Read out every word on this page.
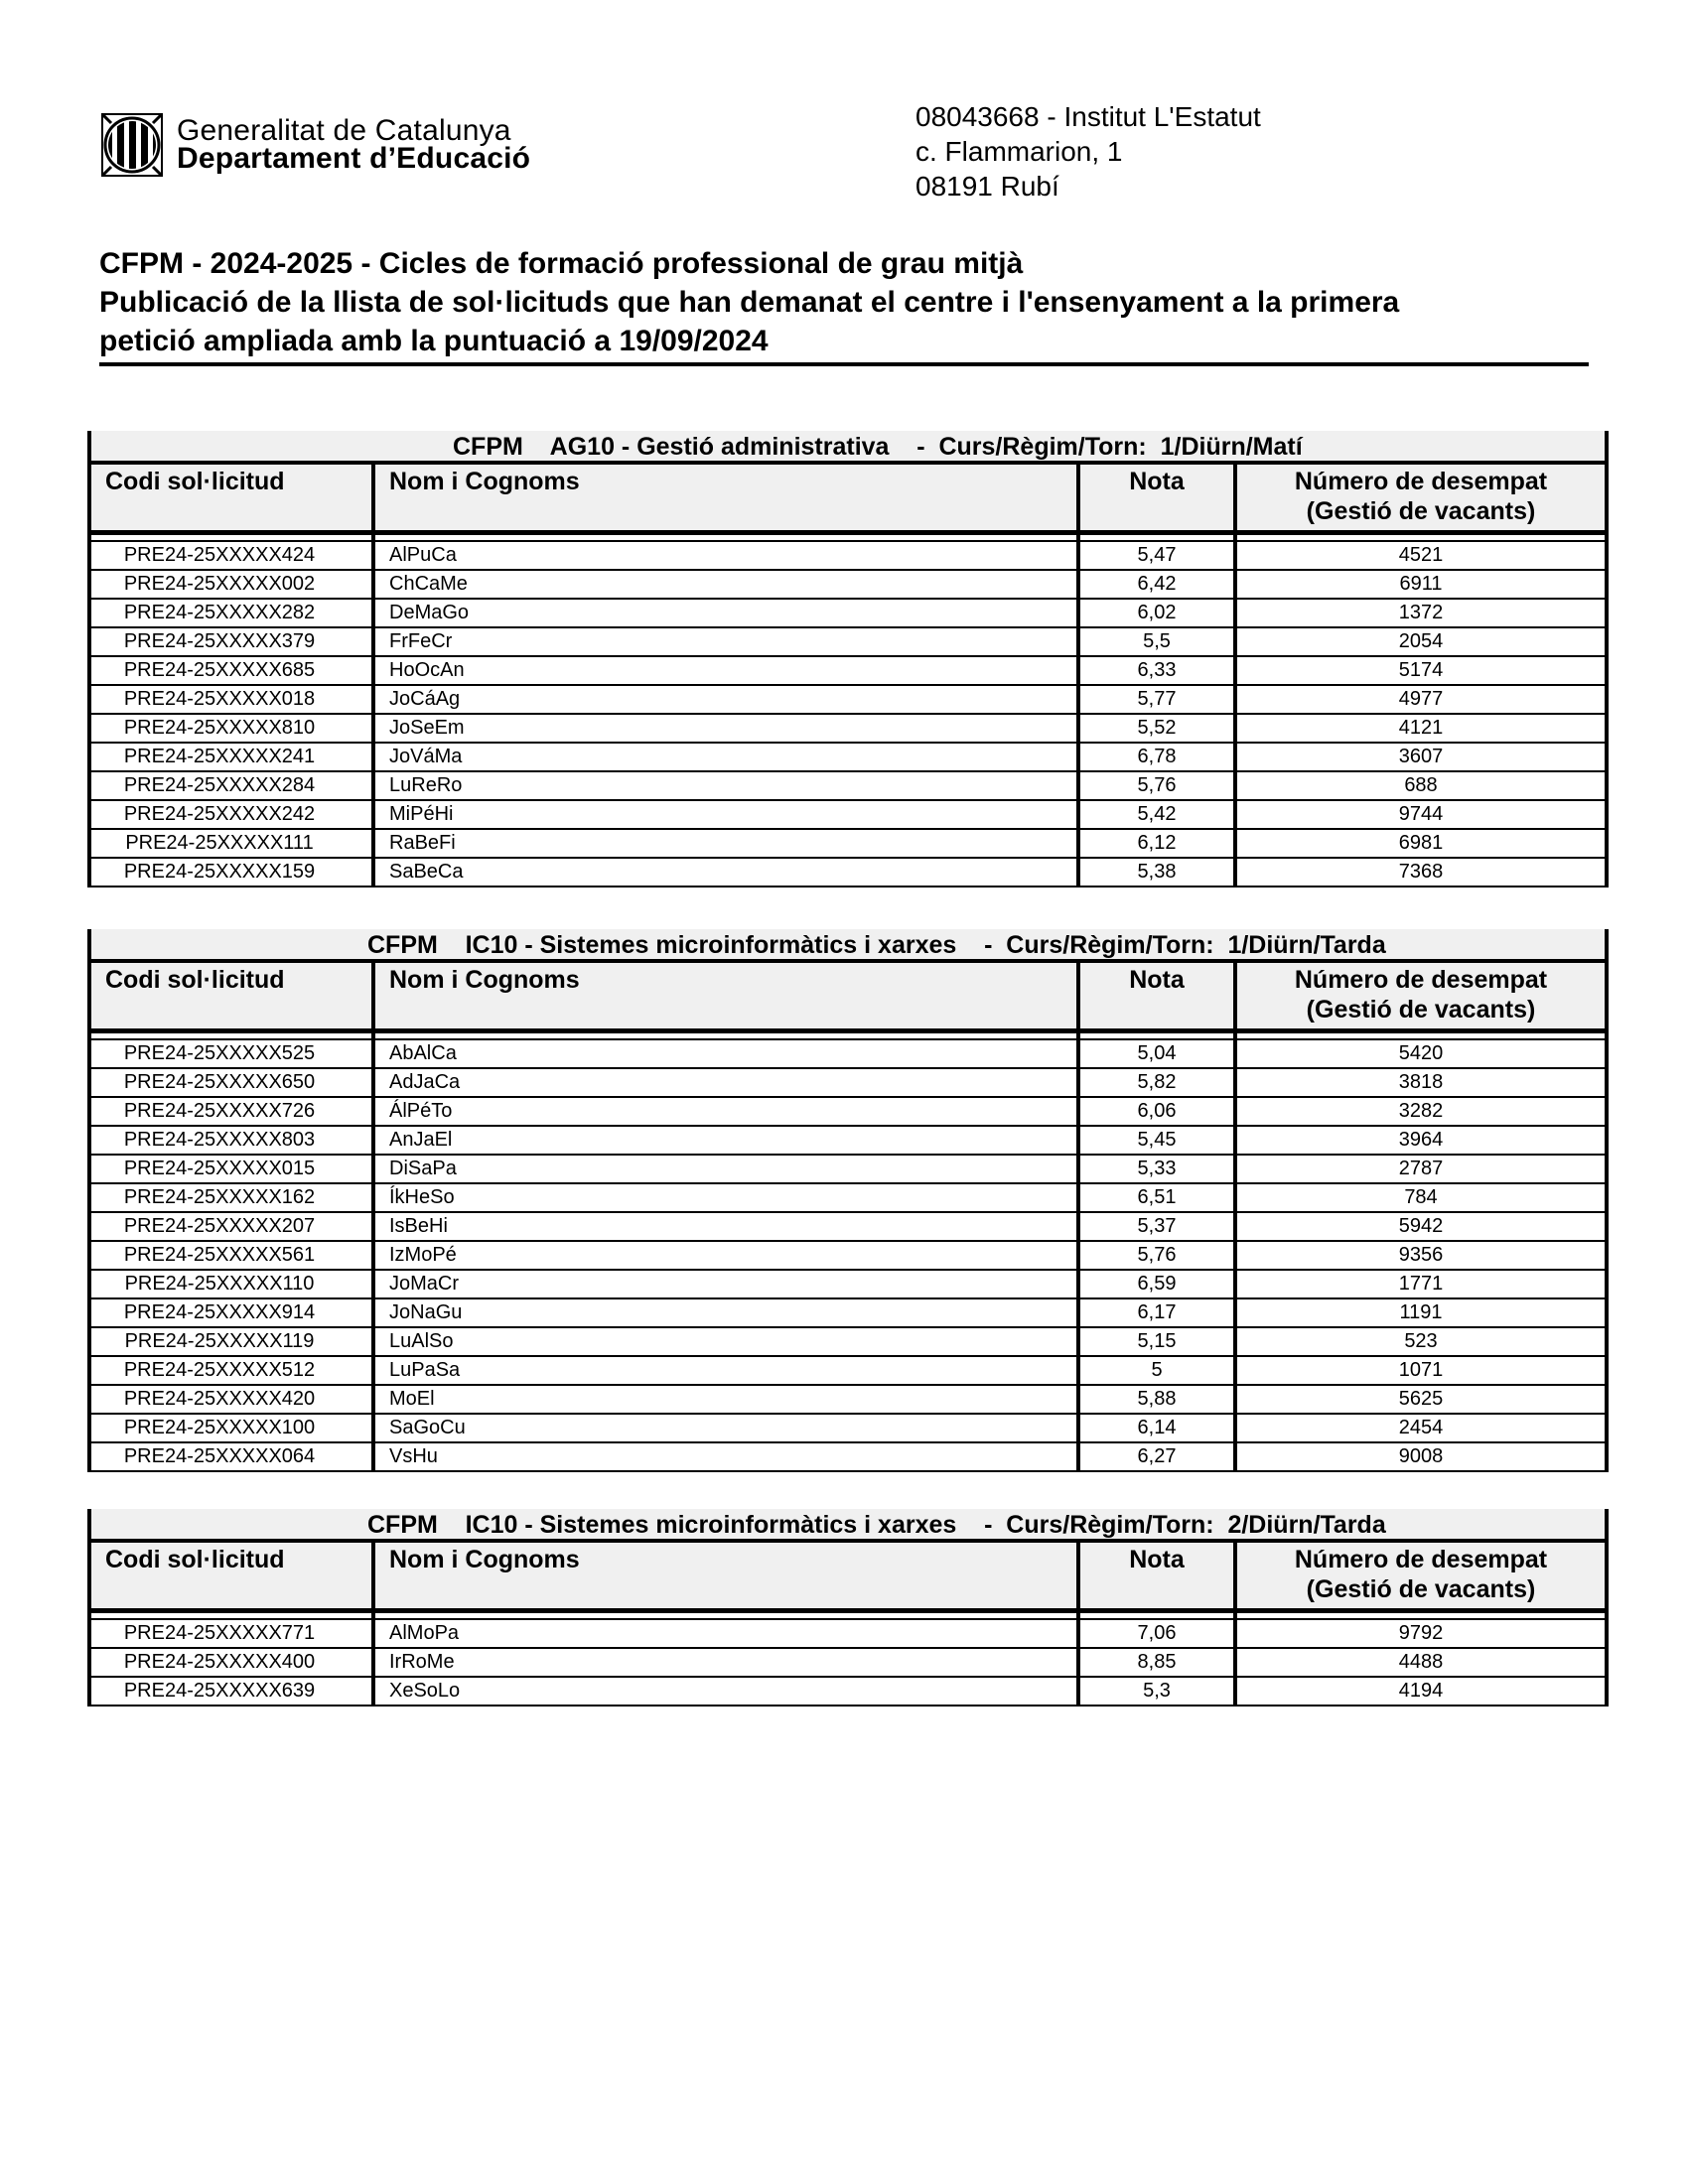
Generalitat de Catalunya
Departament d’Educació
08043668 - Institut L'Estatut
c. Flammarion, 1
08191 Rubí
CFPM - 2024-2025 - Cicles de formació professional de grau mitjà
Publicació de la llista de sol·licituds que han demanat el centre i l'ensenyament a la primera
petició ampliada amb la puntuació a 19/09/2024
CFPM    AG10 - Gestió administrativa    -  Curs/Règim/Torn:  1/Diürn/Matí
Codi sol·licitud	Nom i Cognoms	Nota	Número de desempat
(Gestió de vacants)
PRE24-25XXXXX424	AlPuCa	5,47	4521
PRE24-25XXXXX002	ChCaMe	6,42	6911
PRE24-25XXXXX282	DeMaGo	6,02	1372
PRE24-25XXXXX379	FrFeCr	5,5	2054
PRE24-25XXXXX685	HoOcAn	6,33	5174
PRE24-25XXXXX018	JoCáAg	5,77	4977
PRE24-25XXXXX810	JoSeEm	5,52	4121
PRE24-25XXXXX241	JoVáMa	6,78	3607
PRE24-25XXXXX284	LuReRo	5,76	688
PRE24-25XXXXX242	MiPéHi	5,42	9744
PRE24-25XXXXX111	RaBeFi	6,12	6981
PRE24-25XXXXX159	SaBeCa	5,38	7368
CFPM    IC10 - Sistemes microinformàtics i xarxes    -  Curs/Règim/Torn:  1/Diürn/Tarda
Codi sol·licitud	Nom i Cognoms	Nota	Número de desempat
(Gestió de vacants)
PRE24-25XXXXX525	AbAlCa	5,04	5420
PRE24-25XXXXX650	AdJaCa	5,82	3818
PRE24-25XXXXX726	ÁlPéTo	6,06	3282
PRE24-25XXXXX803	AnJaEl	5,45	3964
PRE24-25XXXXX015	DiSaPa	5,33	2787
PRE24-25XXXXX162	ÍkHeSo	6,51	784
PRE24-25XXXXX207	IsBeHi	5,37	5942
PRE24-25XXXXX561	IzMoPé	5,76	9356
PRE24-25XXXXX110	JoMaCr	6,59	1771
PRE24-25XXXXX914	JoNaGu	6,17	1191
PRE24-25XXXXX119	LuAlSo	5,15	523
PRE24-25XXXXX512	LuPaSa	5	1071
PRE24-25XXXXX420	MoEl	5,88	5625
PRE24-25XXXXX100	SaGoCu	6,14	2454
PRE24-25XXXXX064	VsHu	6,27	9008
CFPM    IC10 - Sistemes microinformàtics i xarxes    -  Curs/Règim/Torn:  2/Diürn/Tarda
Codi sol·licitud	Nom i Cognoms	Nota	Número de desempat
(Gestió de vacants)
PRE24-25XXXXX771	AlMoPa	7,06	9792
PRE24-25XXXXX400	IrRoMe	8,85	4488
PRE24-25XXXXX639	XeSoLo	5,3	4194
